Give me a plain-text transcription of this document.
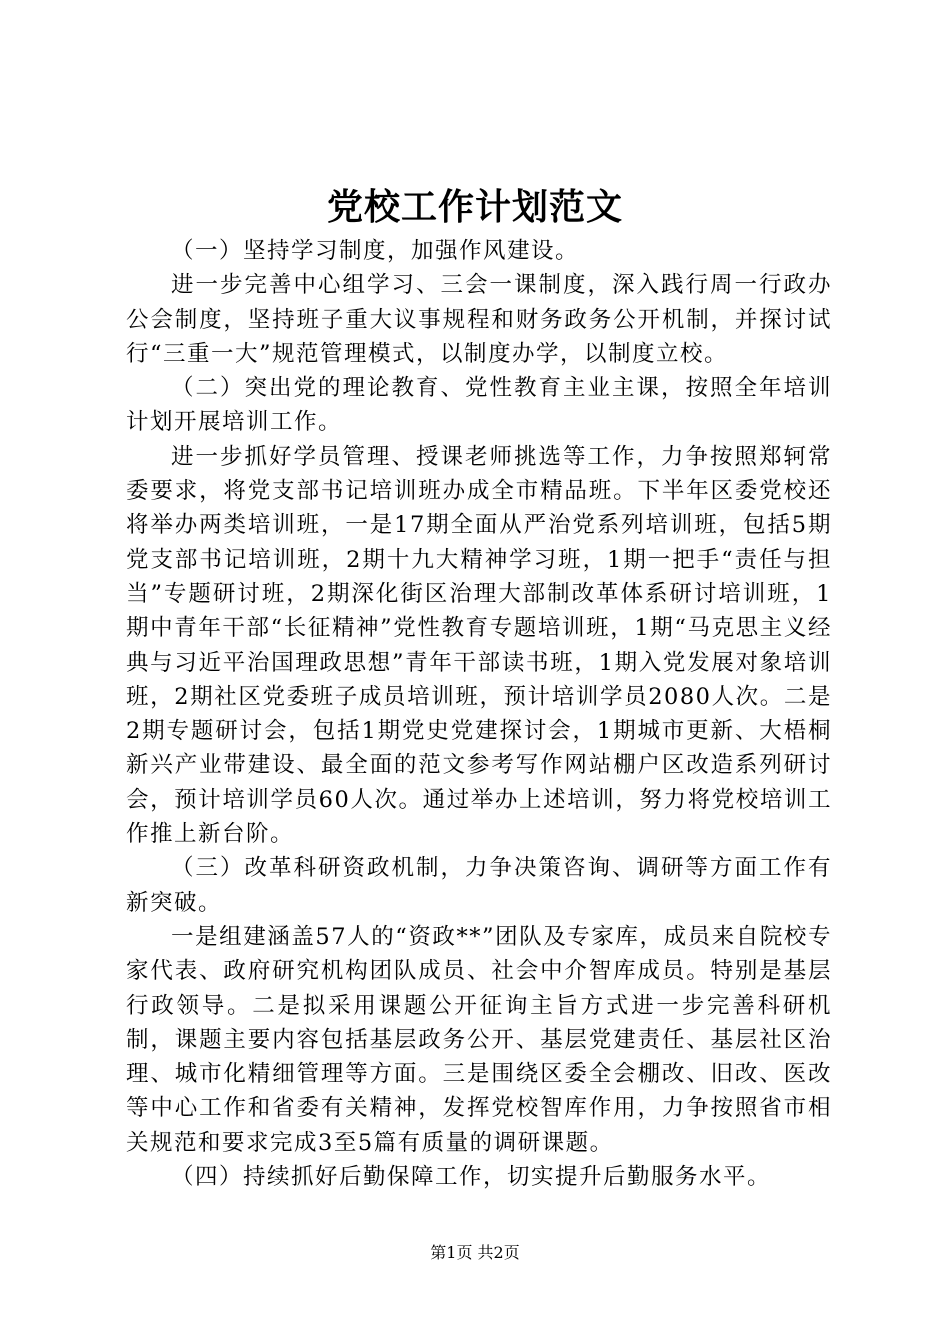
党校工作计划范文

（一）坚持学习制度，加强作风建设。

进一步完善中心组学习、三会一课制度，深入践行周一行政办公会制度，坚持班子重大议事规程和财务政务公开机制，并探讨试行“三重一大”规范管理模式，以制度办学，以制度立校。

（二）突出党的理论教育、党性教育主业主课，按照全年培训计划开展培训工作。

进一步抓好学员管理、授课老师挑选等工作，力争按照郑轲常委要求，将党支部书记培训班办成全市精品班。下半年区委党校还将举办两类培训班，一是17期全面从严治党系列培训班，包括5期党支部书记培训班，2期十九大精神学习班，1期一把手“责任与担当”专题研讨班，2期深化街区治理大部制改革体系研讨培训班，1期中青年干部“长征精神”党性教育专题培训班，1期“马克思主义经典与习近平治国理政思想”青年干部读书班，1期入党发展对象培训班，2期社区党委班子成员培训班，预计培训学员2080人次。二是2期专题研讨会，包括1期党史党建探讨会，1期城市更新、大梧桐新兴产业带建设、最全面的范文参考写作网站棚户区改造系列研讨会，预计培训学员60人次。通过举办上述培训，努力将党校培训工作推上新台阶。

（三）改革科研资政机制，力争决策咨询、调研等方面工作有新突破。

一是组建涵盖57人的“资政**”团队及专家库，成员来自院校专家代表、政府研究机构团队成员、社会中介智库成员。特别是基层行政领导。二是拟采用课题公开征询主旨方式进一步完善科研机制，课题主要内容包括基层政务公开、基层党建责任、基层社区治理、城市化精细管理等方面。三是围绕区委全会棚改、旧改、医改等中心工作和省委有关精神，发挥党校智库作用，力争按照省市相关规范和要求完成3至5篇有质量的调研课题。

（四）持续抓好后勤保障工作，切实提升后勤服务水平。

第1页 共2页
